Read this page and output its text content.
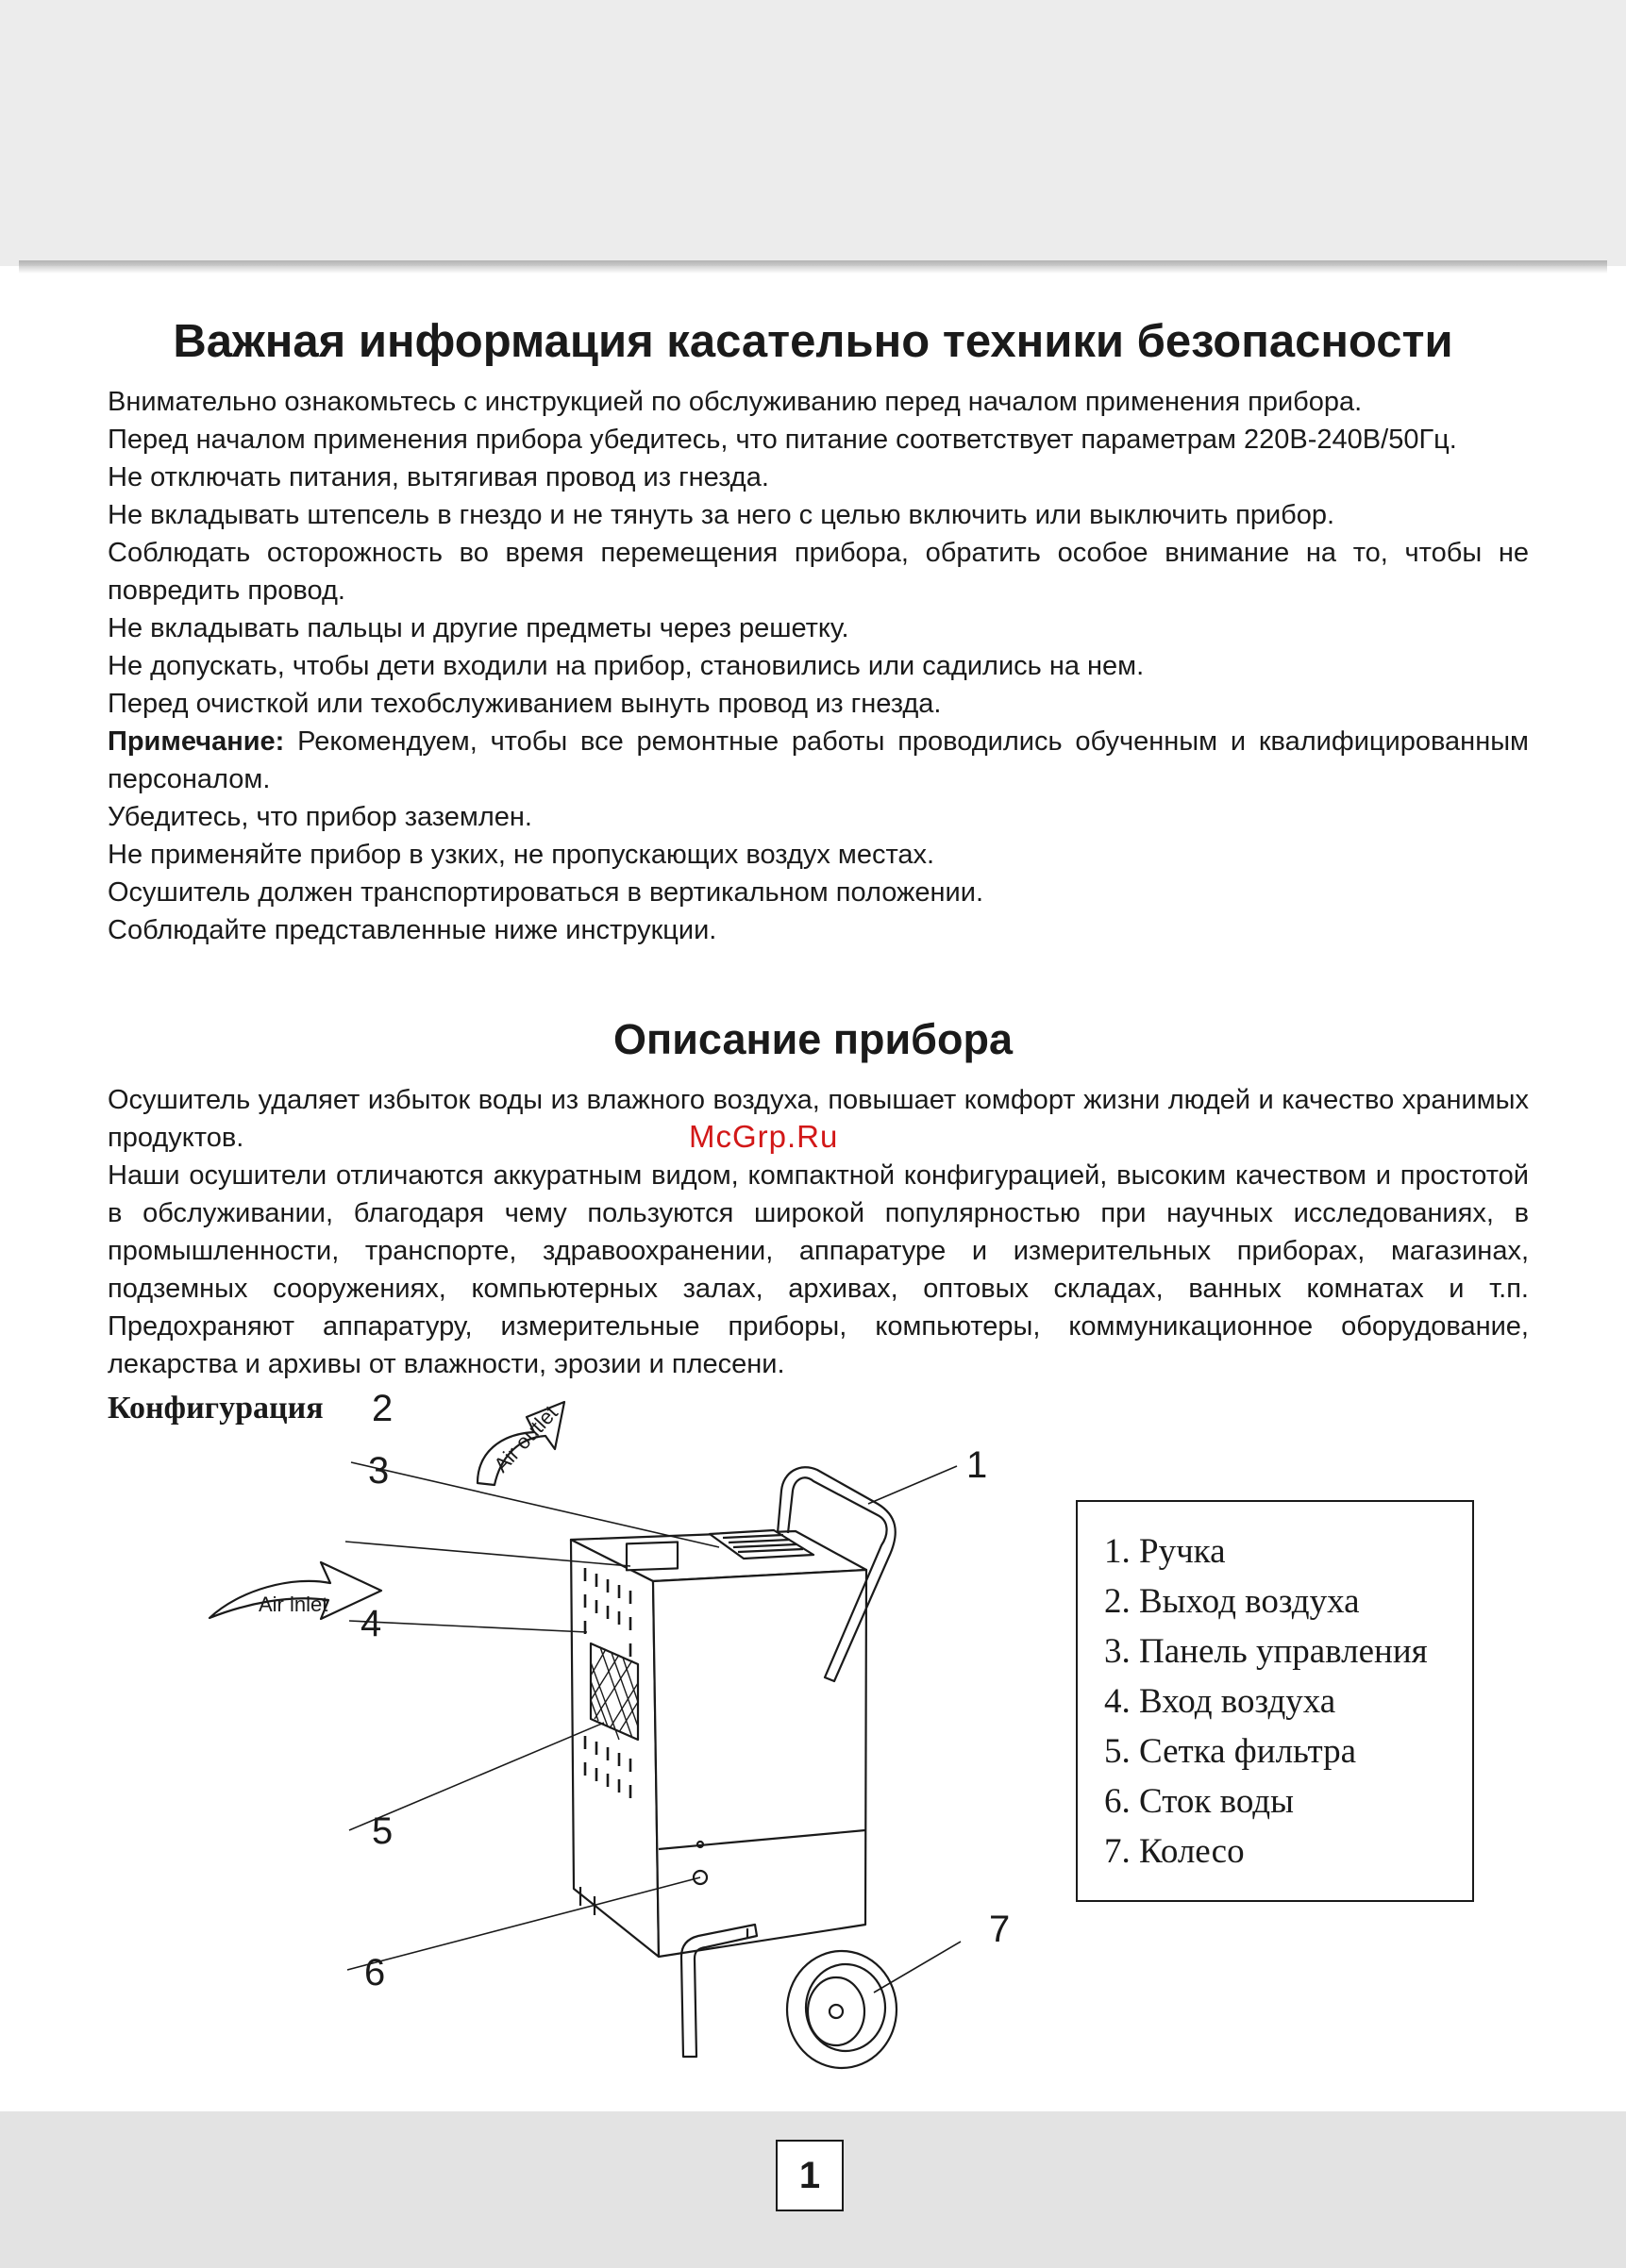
Важная информация касательно техники безопасности

Внимательно ознакомьтесь с инструкцией по обслуживанию перед началом применения прибора.

Перед началом применения прибора убедитесь, что питание соответствует параметрам 220В-240В/50Гц.

Не отключать питания, вытягивая провод из гнезда.

Не вкладывать штепсель в гнездо и не тянуть за него с целью включить или выключить прибор.

Соблюдать осторожность во время перемещения прибора, обратить особое внимание на то, чтобы не повредить провод.

Не вкладывать пальцы и другие предметы через решетку.

Не допускать, чтобы дети входили на прибор, становились или садились на нем.

Перед очисткой или техобслуживанием вынуть провод из гнезда.

Примечание: Рекомендуем, чтобы все ремонтные работы проводились обученным и квалифицированным персоналом.

Убедитесь, что прибор заземлен.

Не применяйте прибор в узких, не пропускающих воздух местах.

Осушитель должен транспортироваться в вертикальном положении.

Соблюдайте представленные ниже инструкции.

Описание прибора

Осушитель удаляет избыток воды из влажного воздуха, повышает комфорт жизни людей и качество хранимых продуктов.

Наши осушители отличаются аккуратным видом, компактной конфигурацией, высоким качеством и простотой в обслуживании, благодаря чему пользуются широкой популярностью при научных исследованиях, в промышленности, транспорте, здравоохранении, аппаратуре и измерительных приборах, магазинах, подземных сооружениях, компьютерных залах, архивах, оптовых складах, ванных комнатах и т.п. Предохраняют аппаратуру, измерительные приборы, компьютеры, коммуникационное оборудование, лекарства и архивы от влажности, эрозии и плесени.

McGrp.Ru
Конфигурация	Air outlet
Air inlet
1
2
3
4
5
6
7
1. Ручка
2. Выход воздуха
3. Панель управления
4. Вход воздуха
5. Сетка фильтра
6. Сток воды
7. Колесо
1
